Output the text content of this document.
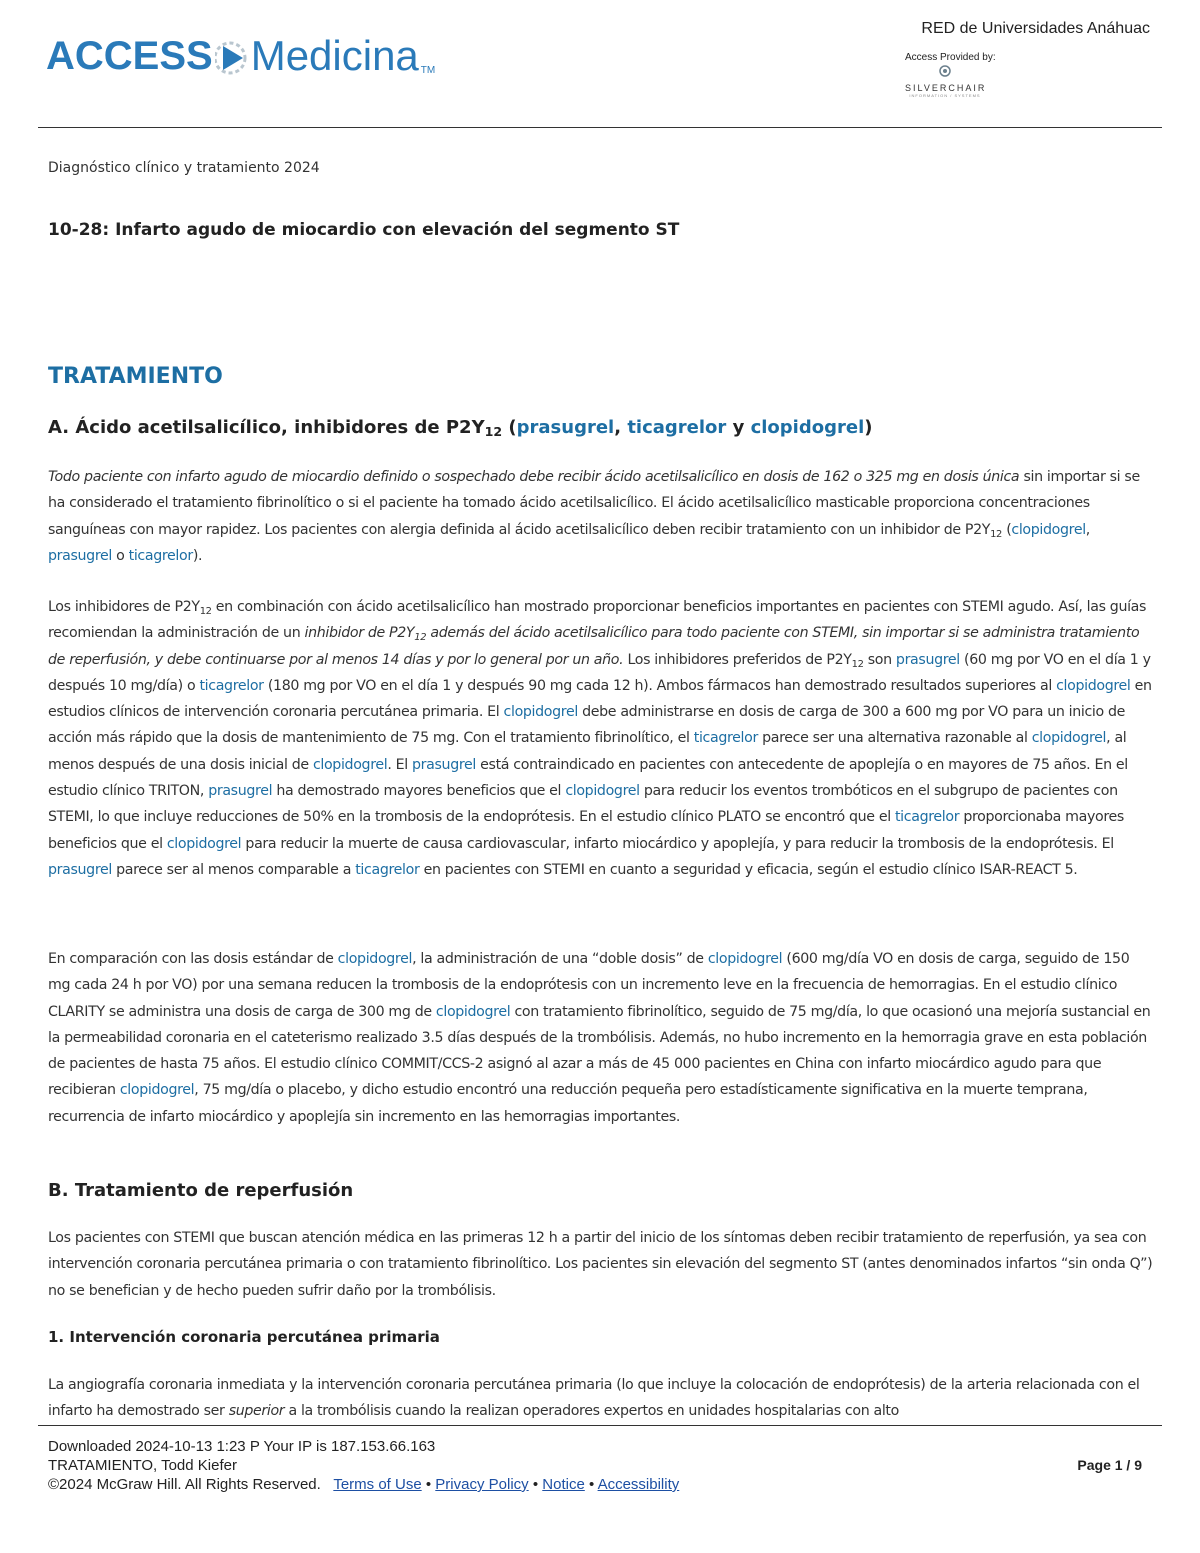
ACCESS Medicina TM
RED de Universidades Anáhuac
Access Provided by:
SILVERCHAIR
INFORMATION / SYSTEMS
Diagnóstico clínico y tratamiento 2024
10-28: Infarto agudo de miocardio con elevación del segmento ST
TRATAMIENTO
A. Ácido acetilsalicílico, inhibidores de $P2Y_{12}$ (prasugrel, ticagrelor y clopidogrel)

Todo paciente con infarto agudo de miocardio definido o sospechado debe recibir ácido acetilsalicílico en dosis de 162 o 325 mg en dosis única sin importar si se ha considerado el tratamiento fibrinolítico o si el paciente ha tomado ácido acetilsalicílico. El ácido acetilsalicílico masticable proporciona concentraciones sanguíneas con mayor rapidez. Los pacientes con alergia definida al ácido acetilsalicílico deben recibir tratamiento con un inhibidor de $P2Y_{12}$ (clopidogrel, prasugrel o ticagrelor).

Los inhibidores de $P2Y_{12}$ en combinación con ácido acetilsalicílico han mostrado proporcionar beneficios importantes en pacientes con STEMI agudo. Así, las guías recomiendan la administración de un inhibidor de $P2Y_{12}$ además del ácido acetilsalicílico para todo paciente con STEMI, sin importar si se administra tratamiento de reperfusión, y debe continuarse por al menos 14 días y por lo general por un año. Los inhibidores preferidos de $P2Y_{12}$ son prasugrel (60 mg por VO en el día 1 y después 10 mg/día) o ticagrelor (180 mg por VO en el día 1 y después 90 mg cada 12 h). Ambos fármacos han demostrado resultados superiores al clopidogrel en estudios clínicos de intervención coronaria percutánea primaria. El clopidogrel debe administrarse en dosis de carga de 300 a 600 mg por VO para un inicio de acción más rápido que la dosis de mantenimiento de 75 mg. Con el tratamiento fibrinolítico, el ticagrelor parece ser una alternativa razonable al clopidogrel, al menos después de una dosis inicial de clopidogrel. El prasugrel está contraindicado en pacientes con antecedente de apoplejía o en mayores de 75 años. En el estudio clínico TRITON, prasugrel ha demostrado mayores beneficios que el clopidogrel para reducir los eventos trombóticos en el subgrupo de pacientes con STEMI, lo que incluye reducciones de 50% en la trombosis de la endoprótesis. En el estudio clínico PLATO se encontró que el ticagrelor proporcionaba mayores beneficios que el clopidogrel para reducir la muerte de causa cardiovascular, infarto miocárdico y apoplejía, y para reducir la trombosis de la endoprótesis. El prasugrel parece ser al menos comparable a ticagrelor en pacientes con STEMI en cuanto a seguridad y eficacia, según el estudio clínico ISAR-REACT 5.

En comparación con las dosis estándar de clopidogrel, la administración de una “doble dosis” de clopidogrel (600 mg/día VO en dosis de carga, seguido de 150 mg cada 24 h por VO) por una semana reducen la trombosis de la endoprótesis con un incremento leve en la frecuencia de hemorragias. En el estudio clínico CLARITY se administra una dosis de carga de 300 mg de clopidogrel con tratamiento fibrinolítico, seguido de 75 mg/día, lo que ocasionó una mejoría sustancial en la permeabilidad coronaria en el cateterismo realizado 3.5 días después de la trombólisis. Además, no hubo incremento en la hemorragia grave en esta población de pacientes de hasta 75 años. El estudio clínico COMMIT/CCS-2 asignó al azar a más de 45 000 pacientes en China con infarto miocárdico agudo para que recibieran clopidogrel, 75 mg/día o placebo, y dicho estudio encontró una reducción pequeña pero estadísticamente significativa en la muerte temprana, recurrencia de infarto miocárdico y apoplejía sin incremento en las hemorragias importantes.

B. Tratamiento de reperfusión

Los pacientes con STEMI que buscan atención médica en las primeras 12 h a partir del inicio de los síntomas deben recibir tratamiento de reperfusión, ya sea con intervención coronaria percutánea primaria o con tratamiento fibrinolítico. Los pacientes sin elevación del segmento ST (antes denominados infartos “sin onda Q”) no se benefician y de hecho pueden sufrir daño por la trombólisis.

1. Intervención coronaria percutánea primaria

La angiografía coronaria inmediata y la intervención coronaria percutánea primaria (lo que incluye la colocación de endoprótesis) de la arteria relacionada con el infarto ha demostrado ser superior a la trombólisis cuando la realizan operadores expertos en unidades hospitalarias con alto

Downloaded 2024-10-13 1:23 P Your IP is 187.153.66.163
TRATAMIENTO, Todd Kiefer
©2024 McGraw Hill. All Rights Reserved. Terms of Use • Privacy Policy • Notice • Accessibility
Page 1 / 9
